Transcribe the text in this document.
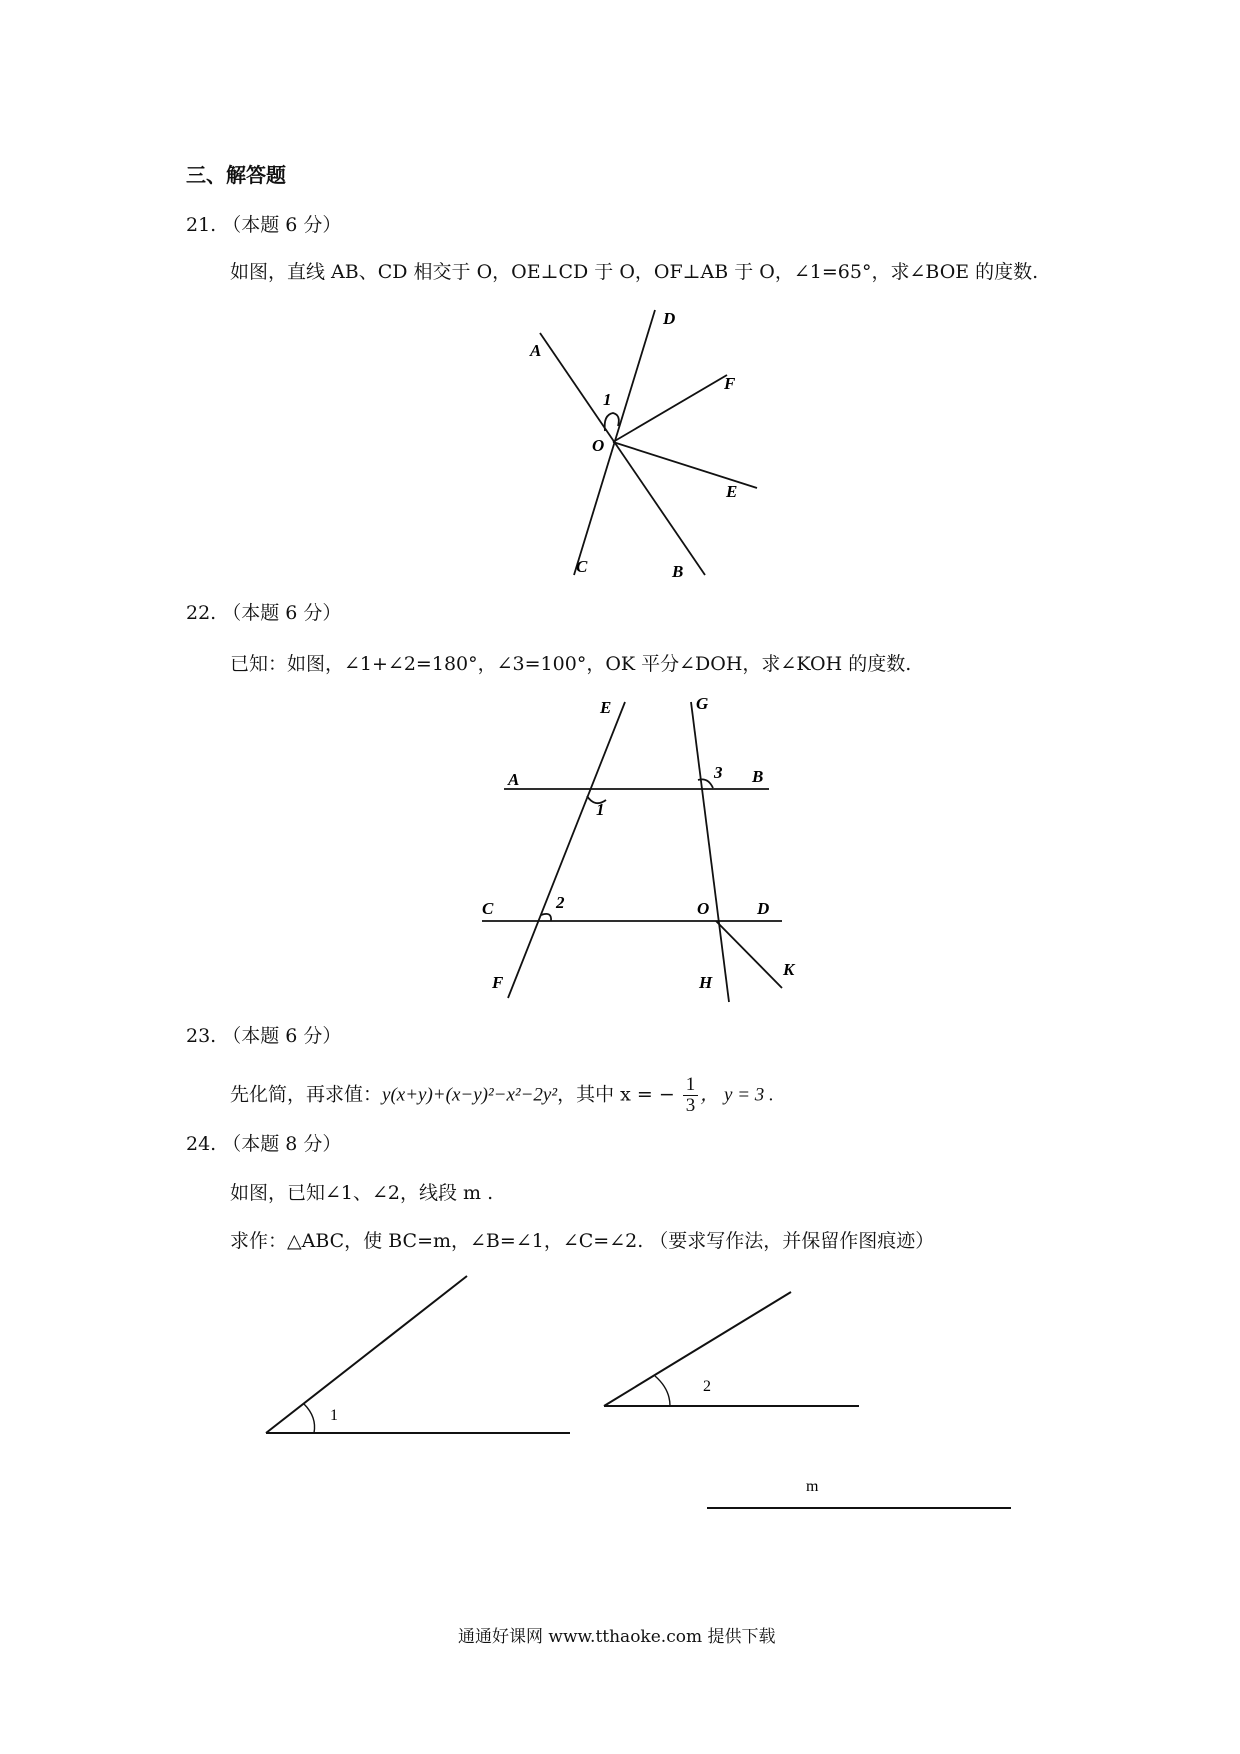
三、解答题
21. （本题 6 分）
如图，直线 AB、CD 相交于 O，OE⊥CD 于 O，OF⊥AB 于 O，∠1=65°，求∠BOE 的度数.
A
D
F
1
O
E
C	B
22. （本题 6 分）
已知：如图，∠1+∠2=180°，∠3=100°，OK 平分∠DOH，求∠KOH 的度数.
E	G
A	3 B
1
C	2	O	D
F	H
K
23. （本题 6 分）
先化简，再求值：y(x+y)+(x−y)²−x²−2y²，其中 x = − $\frac{1}{3}$ ， y = 3 .
24. （本题 8 分）
如图，已知∠1、∠2，线段 m .
求作：△ABC，使 BC=m，∠B=∠1，∠C=∠2. （要求写作法，并保留作图痕迹）
1
2
m
通通好课网 www.tthaoke.com 提供下载
